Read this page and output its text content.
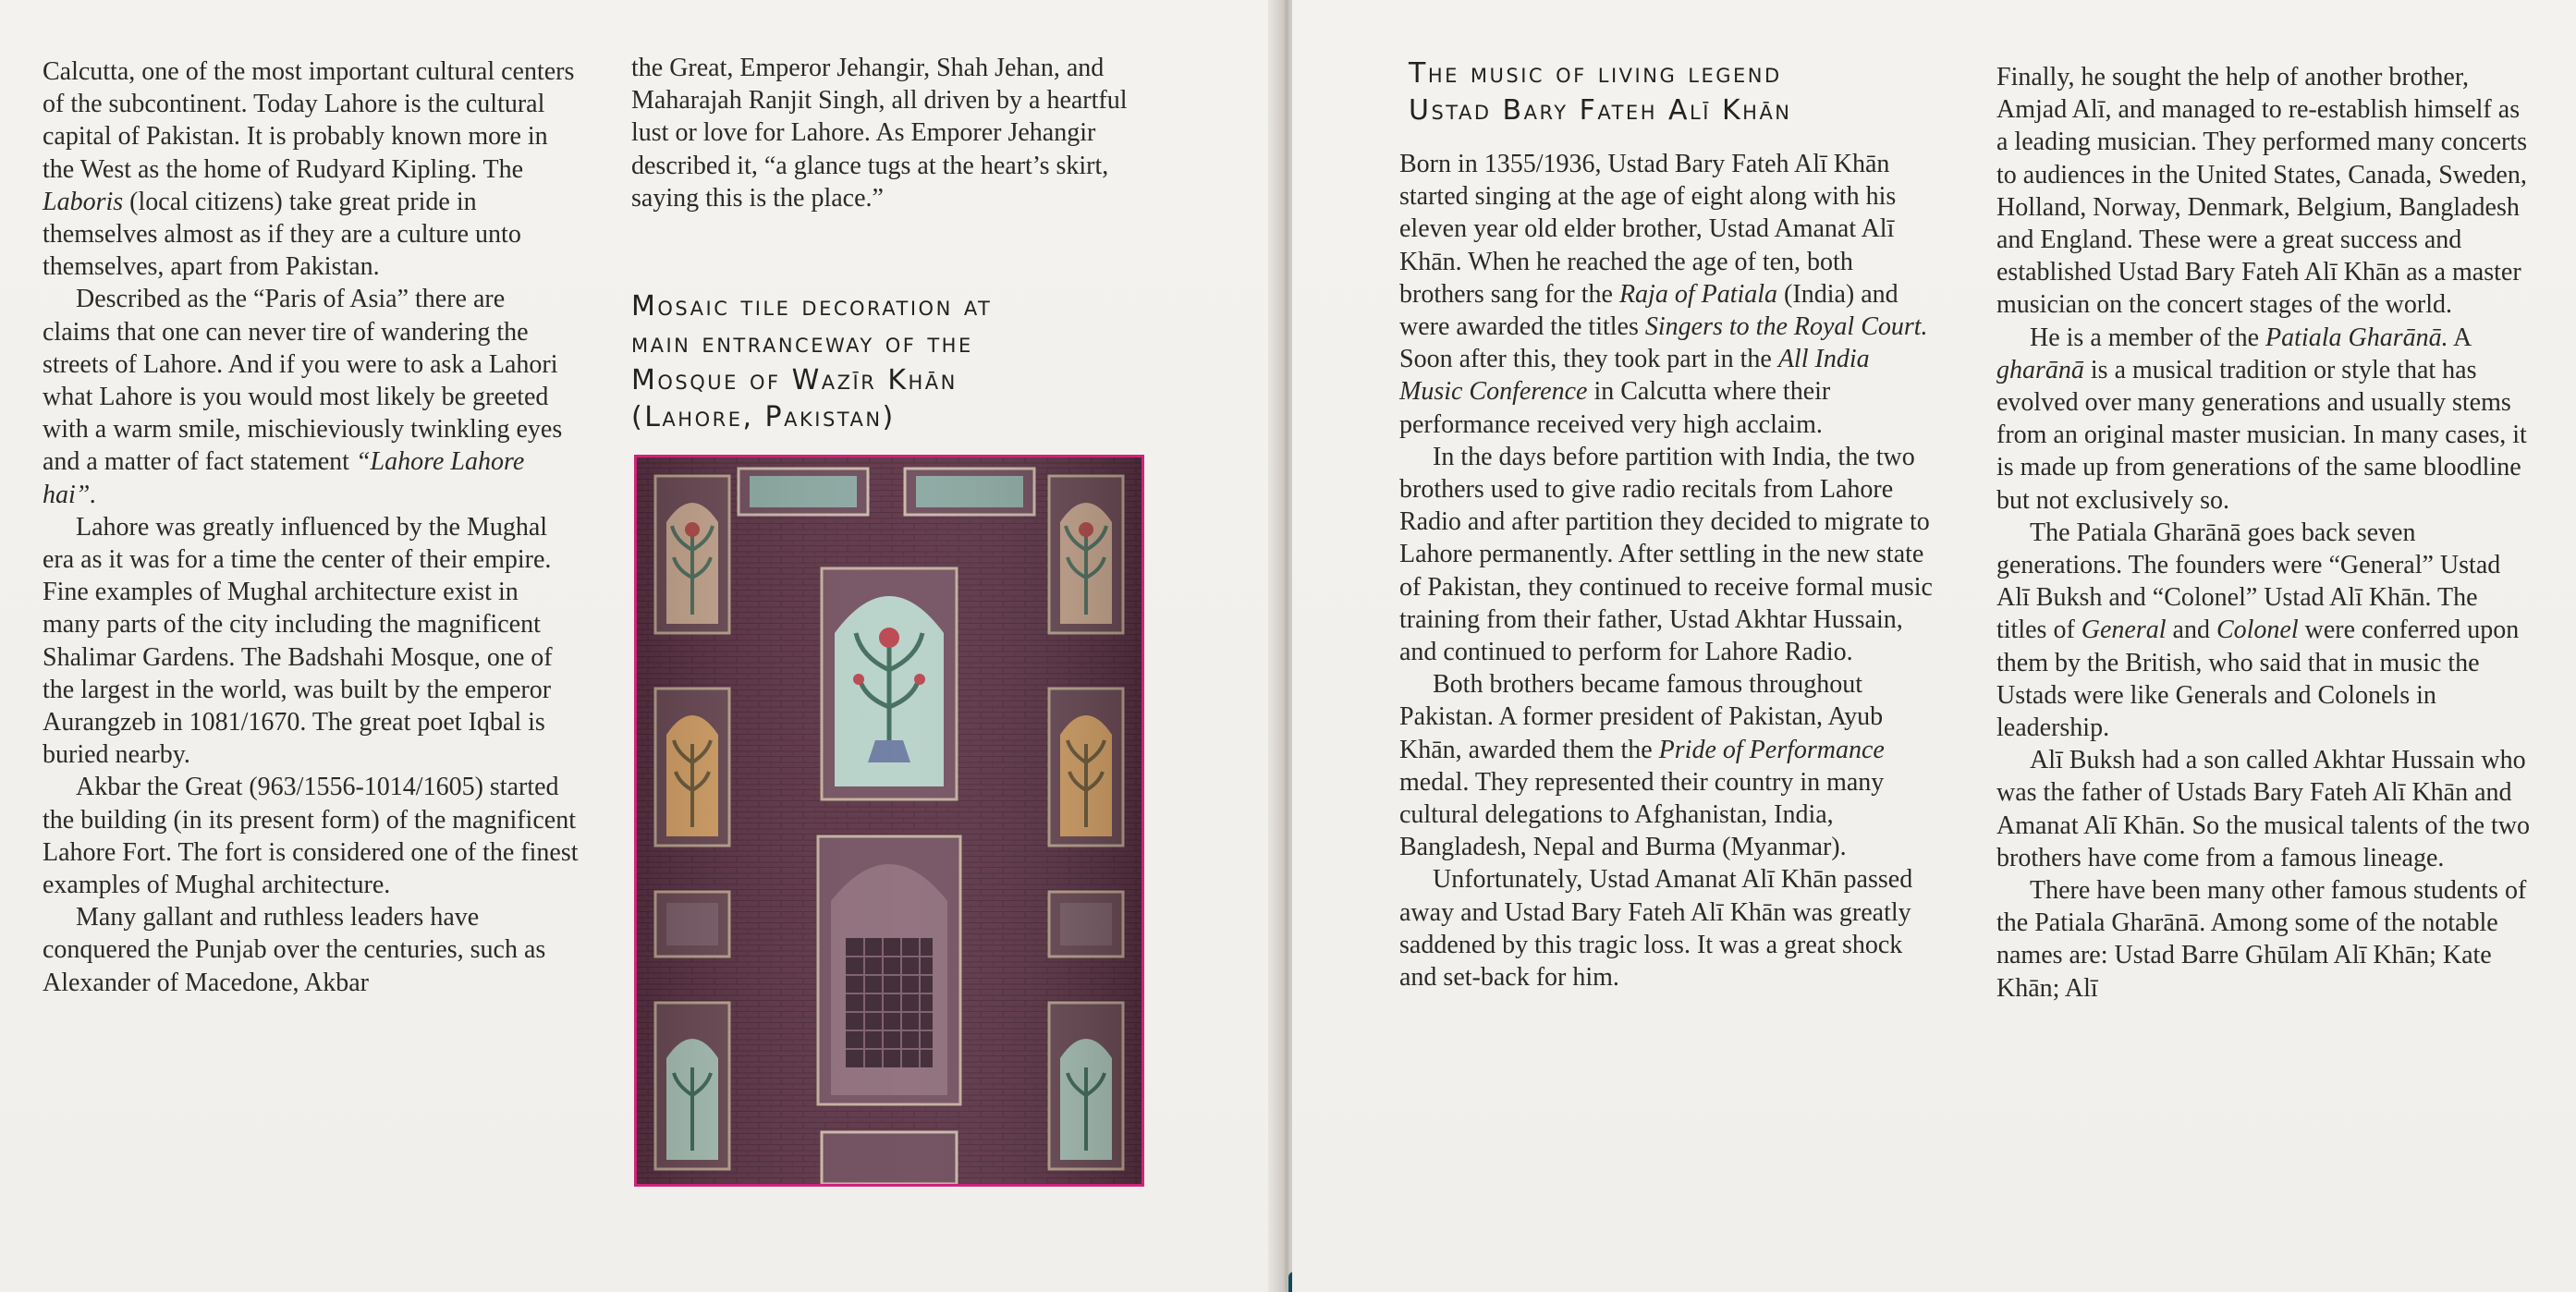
Calcutta, one of the most important cultural centers of the subcontinent. Today Lahore is the cultural capital of Pakistan. It is probably known more in the West as the home of Rudyard Kipling. The Laboris (local citizens) take great pride in themselves almost as if they are a culture unto themselves, apart from Pakistan.

Described as the “Paris of Asia” there are claims that one can never tire of wandering the streets of Lahore. And if you were to ask a Lahori what Lahore is you would most likely be greeted with a warm smile, mischieviously twinkling eyes and a matter of fact statement “Lahore Lahore hai”.

Lahore was greatly influenced by the Mughal era as it was for a time the center of their empire. Fine examples of Mughal architecture exist in many parts of the city including the magnificent Shalimar Gardens. The Badshahi Mosque, one of the largest in the world, was built by the emperor Aurangzeb in 1081/1670. The great poet Iqbal is buried nearby.

Akbar the Great (963/1556-1014/1605) started the building (in its present form) of the magnificent Lahore Fort. The fort is considered one of the finest examples of Mughal architecture.

Many gallant and ruthless leaders have conquered the Punjab over the centuries, such as Alexander of Macedone, Akbar

the Great, Emperor Jehangir, Shah Jehan, and Maharajah Ranjit Singh, all driven by a heartful lust or love for Lahore. As Emporer Jehangir described it, “a glance tugs at the heart’s skirt, saying this is the place.”

Mosaic tile decoration at
main entranceway of the
Mosque of Wazīr Khān
(Lahore, Pakistan)
The music of living legend
Ustad Bary Fateh Alī Khān

Born in 1355/1936, Ustad Bary Fateh Alī Khān started singing at the age of eight along with his eleven year old elder brother, Ustad Amanat Alī Khān. When he reached the age of ten, both brothers sang for the Raja of Patiala (India) and were awarded the titles Singers to the Royal Court. Soon after this, they took part in the All India Music Conference in Calcutta where their performance received very high acclaim.

In the days before partition with India, the two brothers used to give radio recitals from Lahore Radio and after partition they decided to migrate to Lahore permanently. After settling in the new state of Pakistan, they continued to receive formal music training from their father, Ustad Akhtar Hussain, and continued to perform for Lahore Radio.

Both brothers became famous throughout Pakistan. A former president of Pakistan, Ayub Khān, awarded them the Pride of Performance medal. They represented their country in many cultural delegations to Afghanistan, India, Bangladesh, Nepal and Burma (Myanmar).

Unfortunately, Ustad Amanat Alī Khān passed away and Ustad Bary Fateh Alī Khān was greatly saddened by this tragic loss. It was a great shock and set-back for him.

Finally, he sought the help of another brother, Amjad Alī, and managed to re-establish himself as a leading musician. They performed many concerts to audiences in the United States, Canada, Sweden, Holland, Norway, Denmark, Belgium, Bangladesh and England. These were a great success and established Ustad Bary Fateh Alī Khān as a master musician on the concert stages of the world.

He is a member of the Patiala Gharānā. A gharānā is a musical tradition or style that has evolved over many generations and usually stems from an original master musician. In many cases, it is made up from generations of the same bloodline but not exclusively so.

The Patiala Gharānā goes back seven generations. The founders were “General” Ustad Alī Buksh and “Colonel” Ustad Alī Khān. The titles of General and Colonel were conferred upon them by the British, who said that in music the Ustads were like Generals and Colonels in leadership.

Alī Buksh had a son called Akhtar Hussain who was the father of Ustads Bary Fateh Alī Khān and Amanat Alī Khān. So the musical talents of the two brothers have come from a famous lineage.

There have been many other famous students of the Patiala Gharānā. Among some of the notable names are: Ustad Barre Ghūlam Alī Khān; Kate Khān; Alī
